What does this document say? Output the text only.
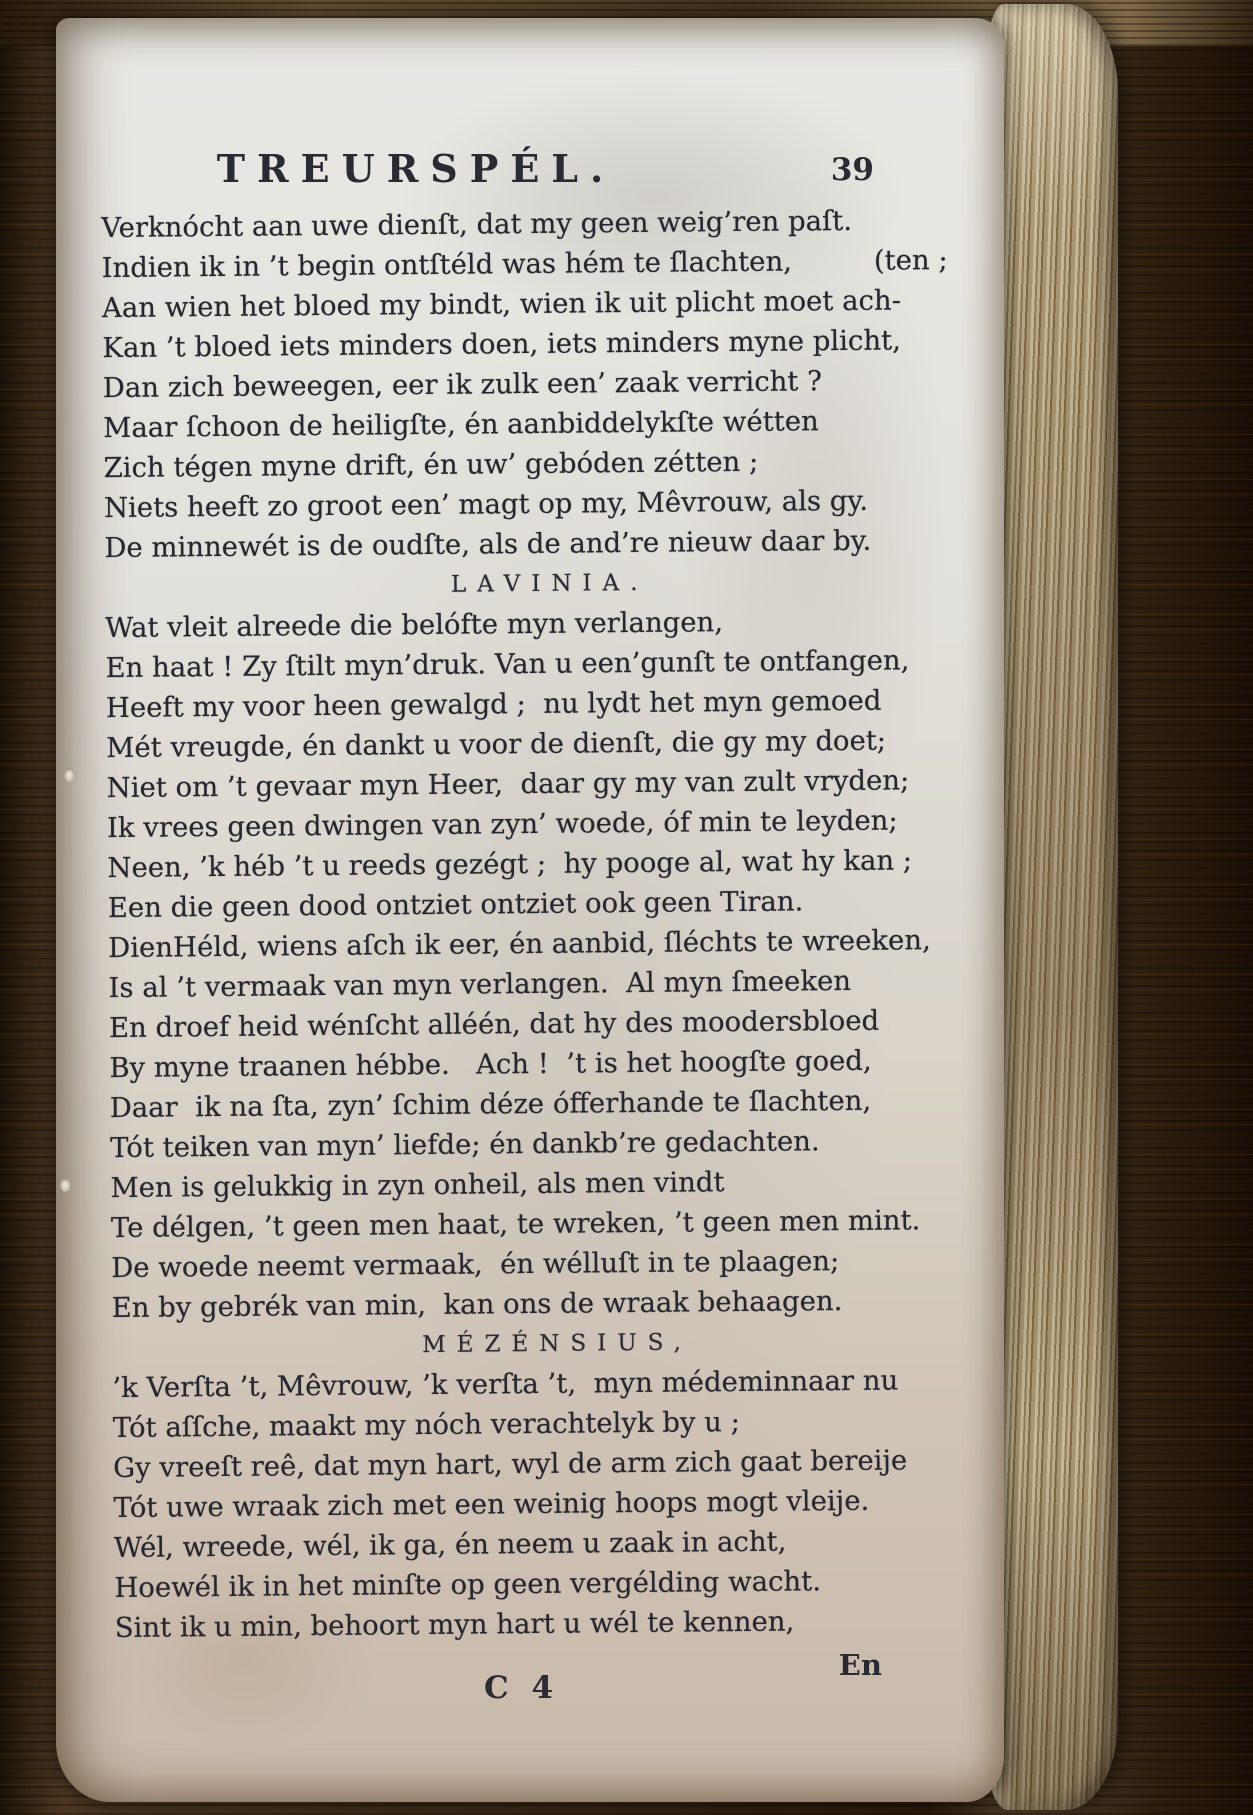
TREURSPÉL.	39
Verknócht aan uwe dienſt, dat my geen weig’ren paſt.
Indien ik in ’t begin ontſtéld was hém te ſlachten,	(ten ;
Aan wien het bloed my bindt, wien ik uit plicht moet ach-
Kan ’t bloed iets minders doen, iets minders myne plicht,
Dan zich beweegen, eer ik zulk een’ zaak verricht ?
Maar ſchoon de heiligſte, én aanbiddelykſte wétten
Zich tégen myne drift, én uw’ gebóden zétten ;
Niets heeft zo groot een’ magt op my, Mêvrouw, als gy.
De minnewét is de oudſte, als de and’re nieuw daar by.
LAVINIA.
Wat vleit alreede die belófte myn verlangen,
En haat ! Zy ſtilt myn’druk. Van u een’gunſt te ontfangen,
Heeft my voor heen gewalgd ;  nu lydt het myn gemoed
Mét vreugde, én dankt u voor de dienſt, die gy my doet;
Niet om ’t gevaar myn Heer,  daar gy my van zult vryden;
Ik vrees geen dwingen van zyn’ woede, óf min te leyden;
Neen, ’k héb ’t u reeds gezégt ;  hy pooge al, wat hy kan ;
Een die geen dood ontziet ontziet ook geen Tiran.
DienHéld, wiens aſch ik eer, én aanbid, ſléchts te wreeken,
Is al ’t vermaak van myn verlangen.  Al myn ſmeeken
En droef heid wénſcht alléén, dat hy des moodersbloed
By myne traanen hébbe.   Ach !  ’t is het hoogſte goed,
Daar  ik na ſta, zyn’ ſchim déze ófferhande te ſlachten,
Tót teiken van myn’ liefde; én dankb’re gedachten.
Men is gelukkig in zyn onheil, als men vindt
Te délgen, ’t geen men haat, te wreken, ’t geen men mint.
De woede neemt vermaak,  én wélluſt in te plaagen;
En by gebrék van min,  kan ons de wraak behaagen.
MÉZÉNSIUS,
’k Verſta ’t, Mêvrouw, ’k verſta ’t,  myn médeminnaar nu
Tót aſſche, maakt my nóch verachtelyk by u ;
Gy vreeſt reê, dat myn hart, wyl de arm zich gaat bereije
Tót uwe wraak zich met een weinig hoops mogt vleije.
Wél, wreede, wél, ik ga, én neem u zaak in acht,
Hoewél ik in het minſte op geen vergélding wacht.
Sint ik u min, behoort myn hart u wél te kennen,
C 4
En
